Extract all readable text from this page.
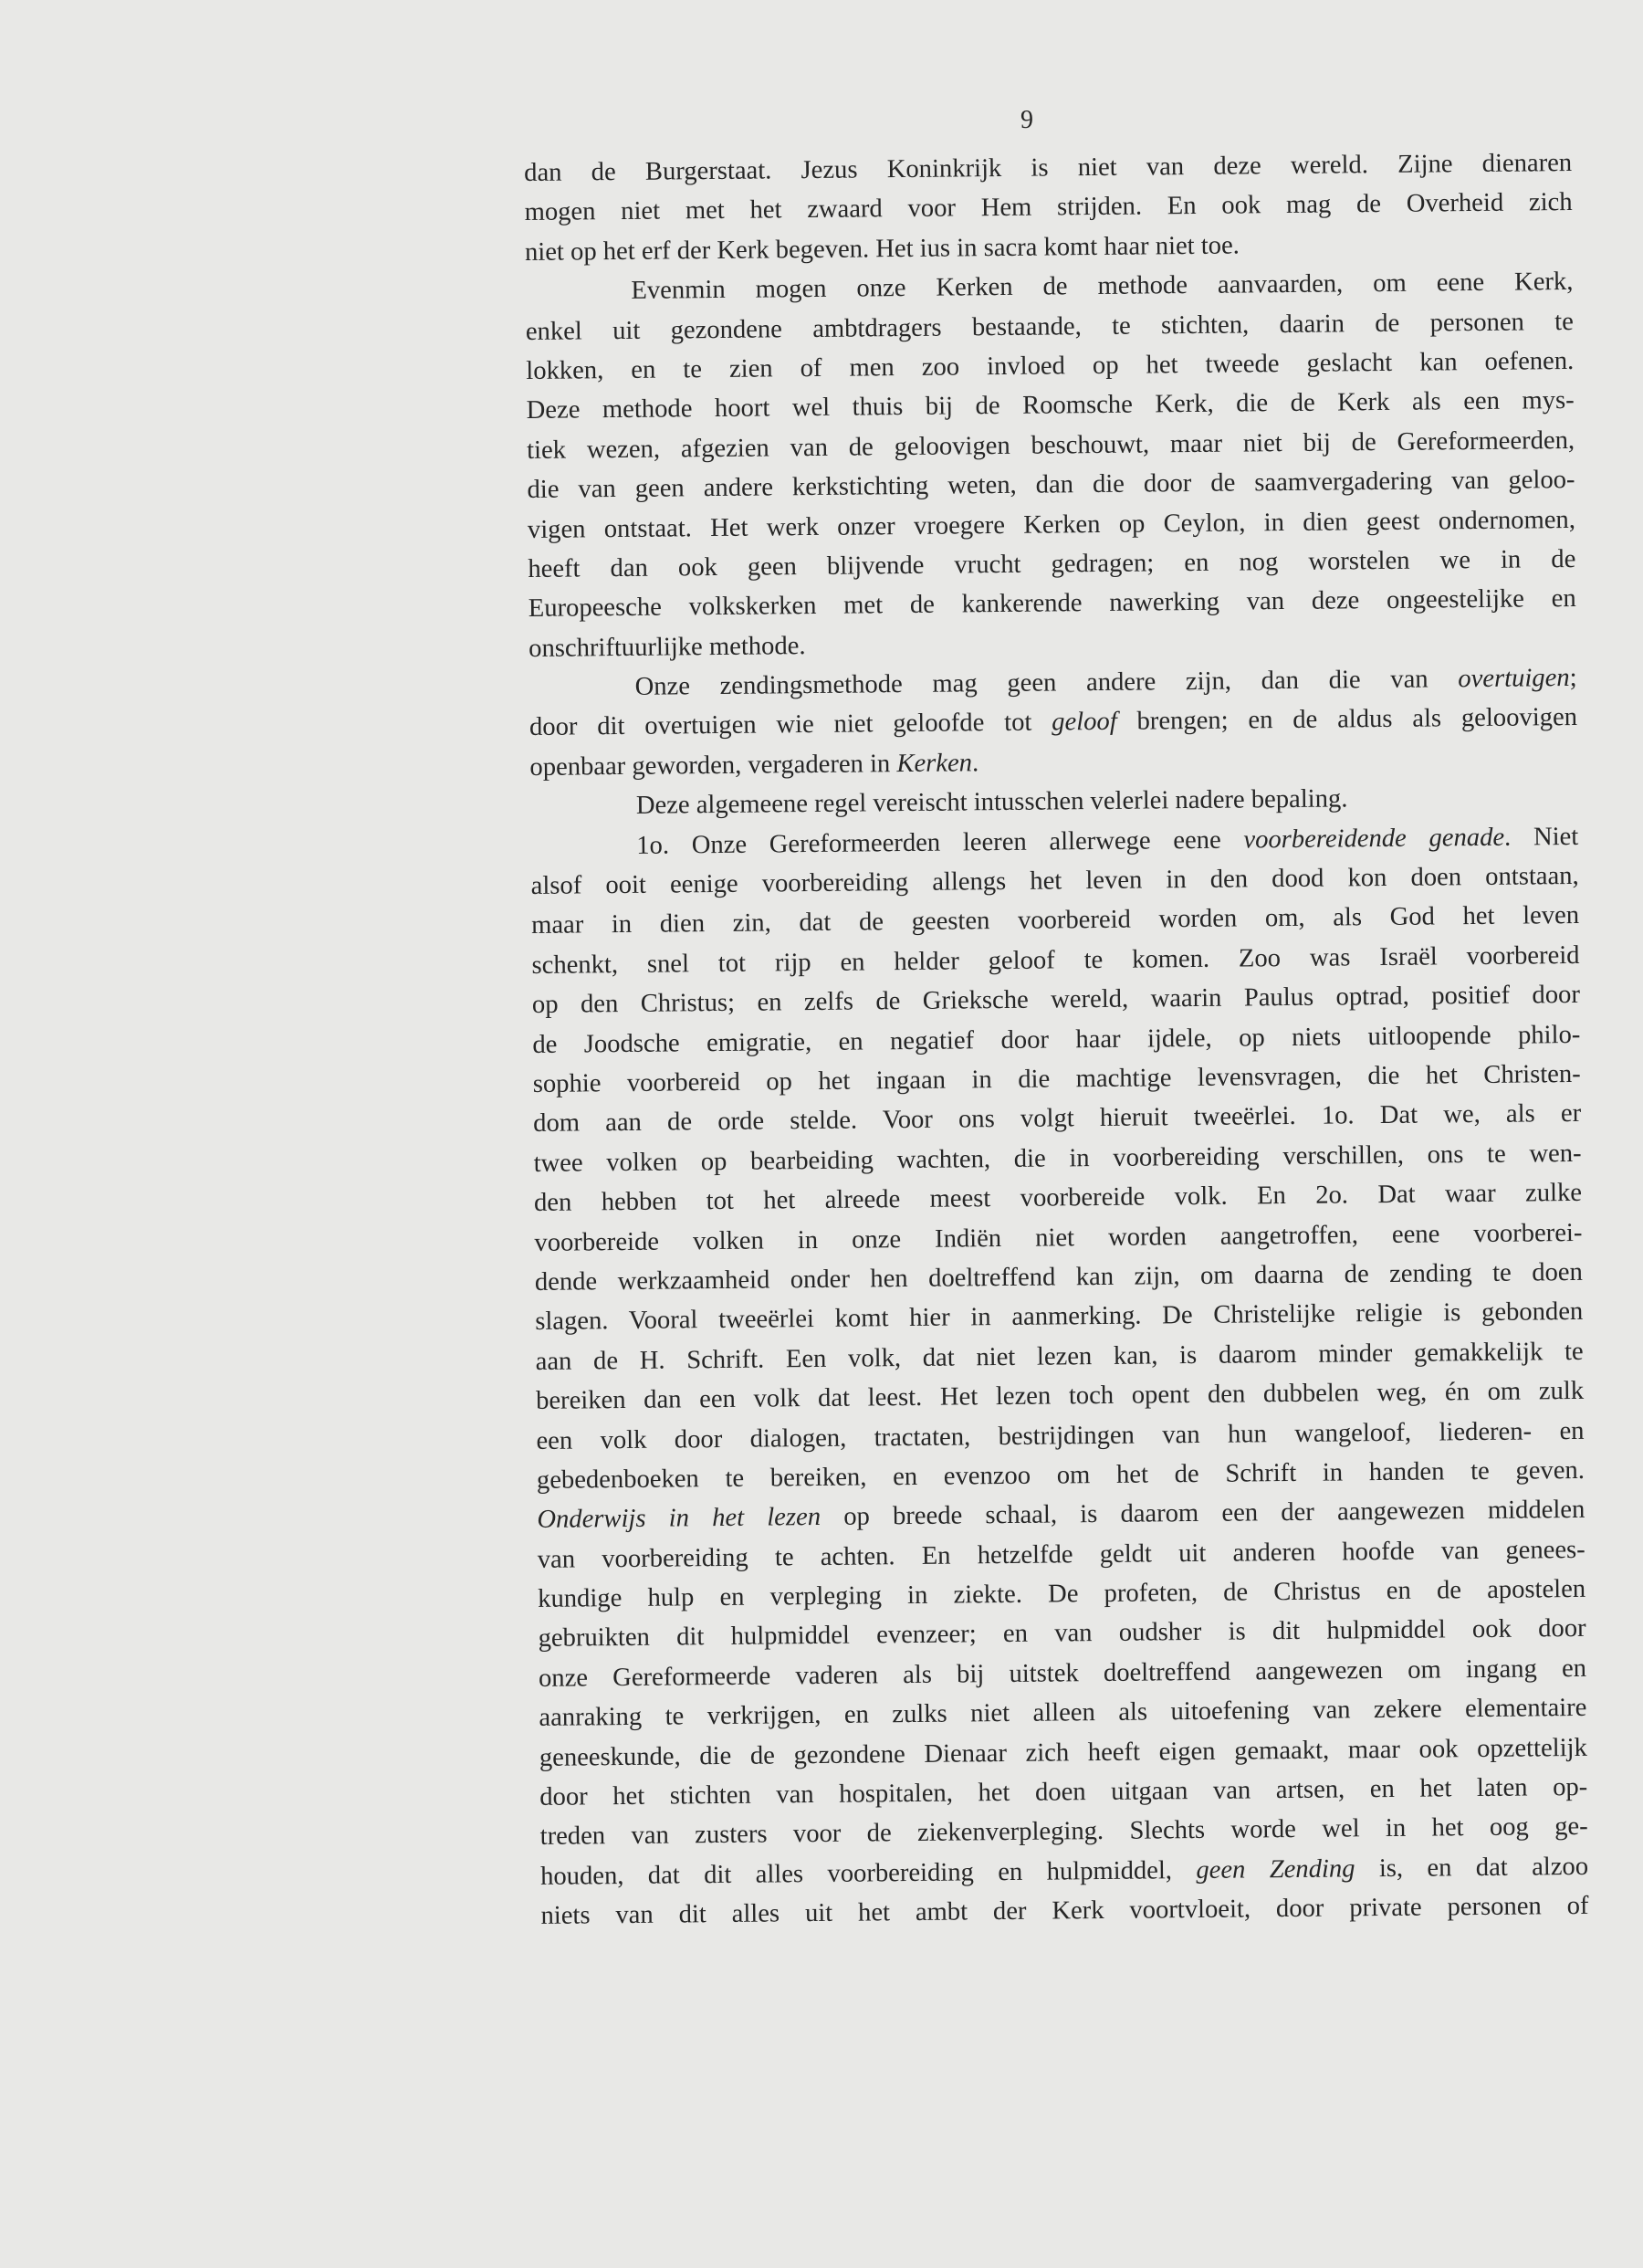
9
dan de Burgerstaat. Jezus Koninkrijk is niet van deze wereld. Zijne dienaren
mogen niet met het zwaard voor Hem strijden. En ook mag de Overheid zich
niet op het erf der Kerk begeven. Het ius in sacra komt haar niet toe.
Evenmin mogen onze Kerken de methode aanvaarden, om eene Kerk,
enkel uit gezondene ambtdragers bestaande, te stichten, daarin de personen te
lokken, en te zien of men zoo invloed op het tweede geslacht kan oefenen.
Deze methode hoort wel thuis bij de Roomsche Kerk, die de Kerk als een mys-
tiek wezen, afgezien van de geloovigen beschouwt, maar niet bij de Gereformeerden,
die van geen andere kerkstichting weten, dan die door de saamvergadering van geloo-
vigen ontstaat. Het werk onzer vroegere Kerken op Ceylon, in dien geest ondernomen,
heeft dan ook geen blijvende vrucht gedragen; en nog worstelen we in de
Europeesche volkskerken met de kankerende nawerking van deze ongeestelijke en
onschriftuurlijke methode.
Onze zendingsmethode mag geen andere zijn, dan die van overtuigen;
door dit overtuigen wie niet geloofde tot geloof brengen; en de aldus als geloovigen
openbaar geworden, vergaderen in Kerken.
Deze algemeene regel vereischt intusschen velerlei nadere bepaling.
1o. Onze Gereformeerden leeren allerwege eene voorbereidende genade. Niet
alsof ooit eenige voorbereiding allengs het leven in den dood kon doen ontstaan,
maar in dien zin, dat de geesten voorbereid worden om, als God het leven
schenkt, snel tot rijp en helder geloof te komen. Zoo was Israël voorbereid
op den Christus; en zelfs de Grieksche wereld, waarin Paulus optrad, positief door
de Joodsche emigratie, en negatief door haar ijdele, op niets uitloopende philo-
sophie voorbereid op het ingaan in die machtige levensvragen, die het Christen-
dom aan de orde stelde. Voor ons volgt hieruit tweeërlei. 1o. Dat we, als er
twee volken op bearbeiding wachten, die in voorbereiding verschillen, ons te wen-
den hebben tot het alreede meest voorbereide volk. En 2o. Dat waar zulke
voorbereide volken in onze Indiën niet worden aangetroffen, eene voorberei-
dende werkzaamheid onder hen doeltreffend kan zijn, om daarna de zending te doen
slagen. Vooral tweeërlei komt hier in aanmerking. De Christelijke religie is gebonden
aan de H. Schrift. Een volk, dat niet lezen kan, is daarom minder gemakkelijk te
bereiken dan een volk dat leest. Het lezen toch opent den dubbelen weg, én om zulk
een volk door dialogen, tractaten, bestrijdingen van hun wangeloof, liederen- en
gebedenboeken te bereiken, en evenzoo om het de Schrift in handen te geven.
Onderwijs in het lezen op breede schaal, is daarom een der aangewezen middelen
van voorbereiding te achten. En hetzelfde geldt uit anderen hoofde van genees-
kundige hulp en verpleging in ziekte. De profeten, de Christus en de apostelen
gebruikten dit hulpmiddel evenzeer; en van oudsher is dit hulpmiddel ook door
onze Gereformeerde vaderen als bij uitstek doeltreffend aangewezen om ingang en
aanraking te verkrijgen, en zulks niet alleen als uitoefening van zekere elementaire
geneeskunde, die de gezondene Dienaar zich heeft eigen gemaakt, maar ook opzettelijk
door het stichten van hospitalen, het doen uitgaan van artsen, en het laten op-
treden van zusters voor de ziekenverpleging. Slechts worde wel in het oog ge-
houden, dat dit alles voorbereiding en hulpmiddel, geen Zending is, en dat alzoo
niets van dit alles uit het ambt der Kerk voortvloeit, door private personen of
